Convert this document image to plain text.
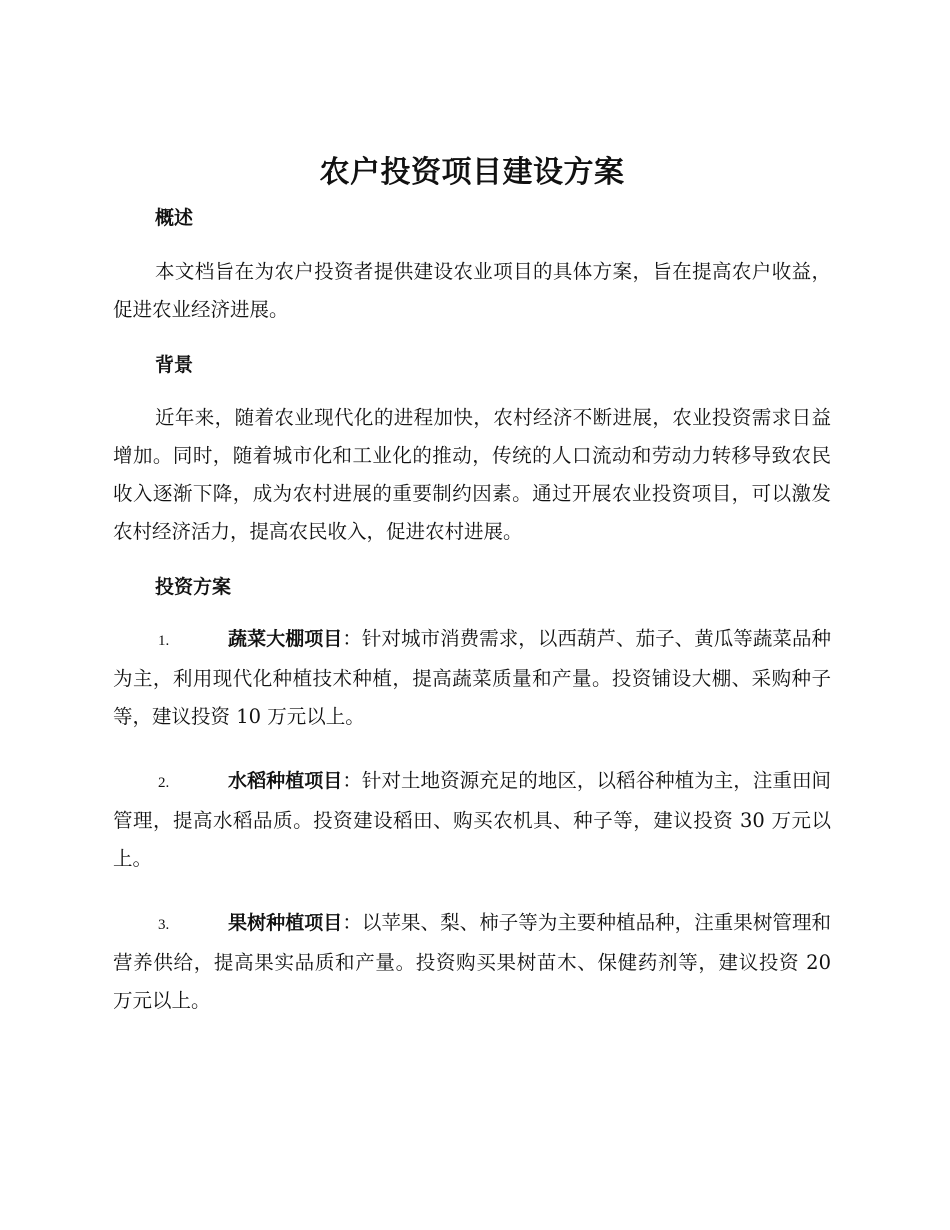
农户投资项目建设方案
概述

本文档旨在为农户投资者提供建设农业项目的具体方案，旨在提高农户收益，促进农业经济进展。

背景

近年来，随着农业现代化的进程加快，农村经济不断进展，农业投资需求日益增加。同时，随着城市化和工业化的推动，传统的人口流动和劳动力转移导致农民收入逐渐下降，成为农村进展的重要制约因素。通过开展农业投资项目，可以激发农村经济活力，提高农民收入，促进农村进展。

投资方案

1.	蔬菜大棚项目：针对城市消费需求，以西葫芦、茄子、黄瓜等蔬菜品种为主，利用现代化种植技术种植，提高蔬菜质量和产量。投资铺设大棚、采购种子等，建议投资 10 万元以上。

2.	水稻种植项目：针对土地资源充足的地区，以稻谷种植为主，注重田间管理，提高水稻品质。投资建设稻田、购买农机具、种子等，建议投资 30 万元以上。

3.	果树种植项目：以苹果、梨、柿子等为主要种植品种，注重果树管理和营养供给，提高果实品质和产量。投资购买果树苗木、保健药剂等，建议投资 20 万元以上。
